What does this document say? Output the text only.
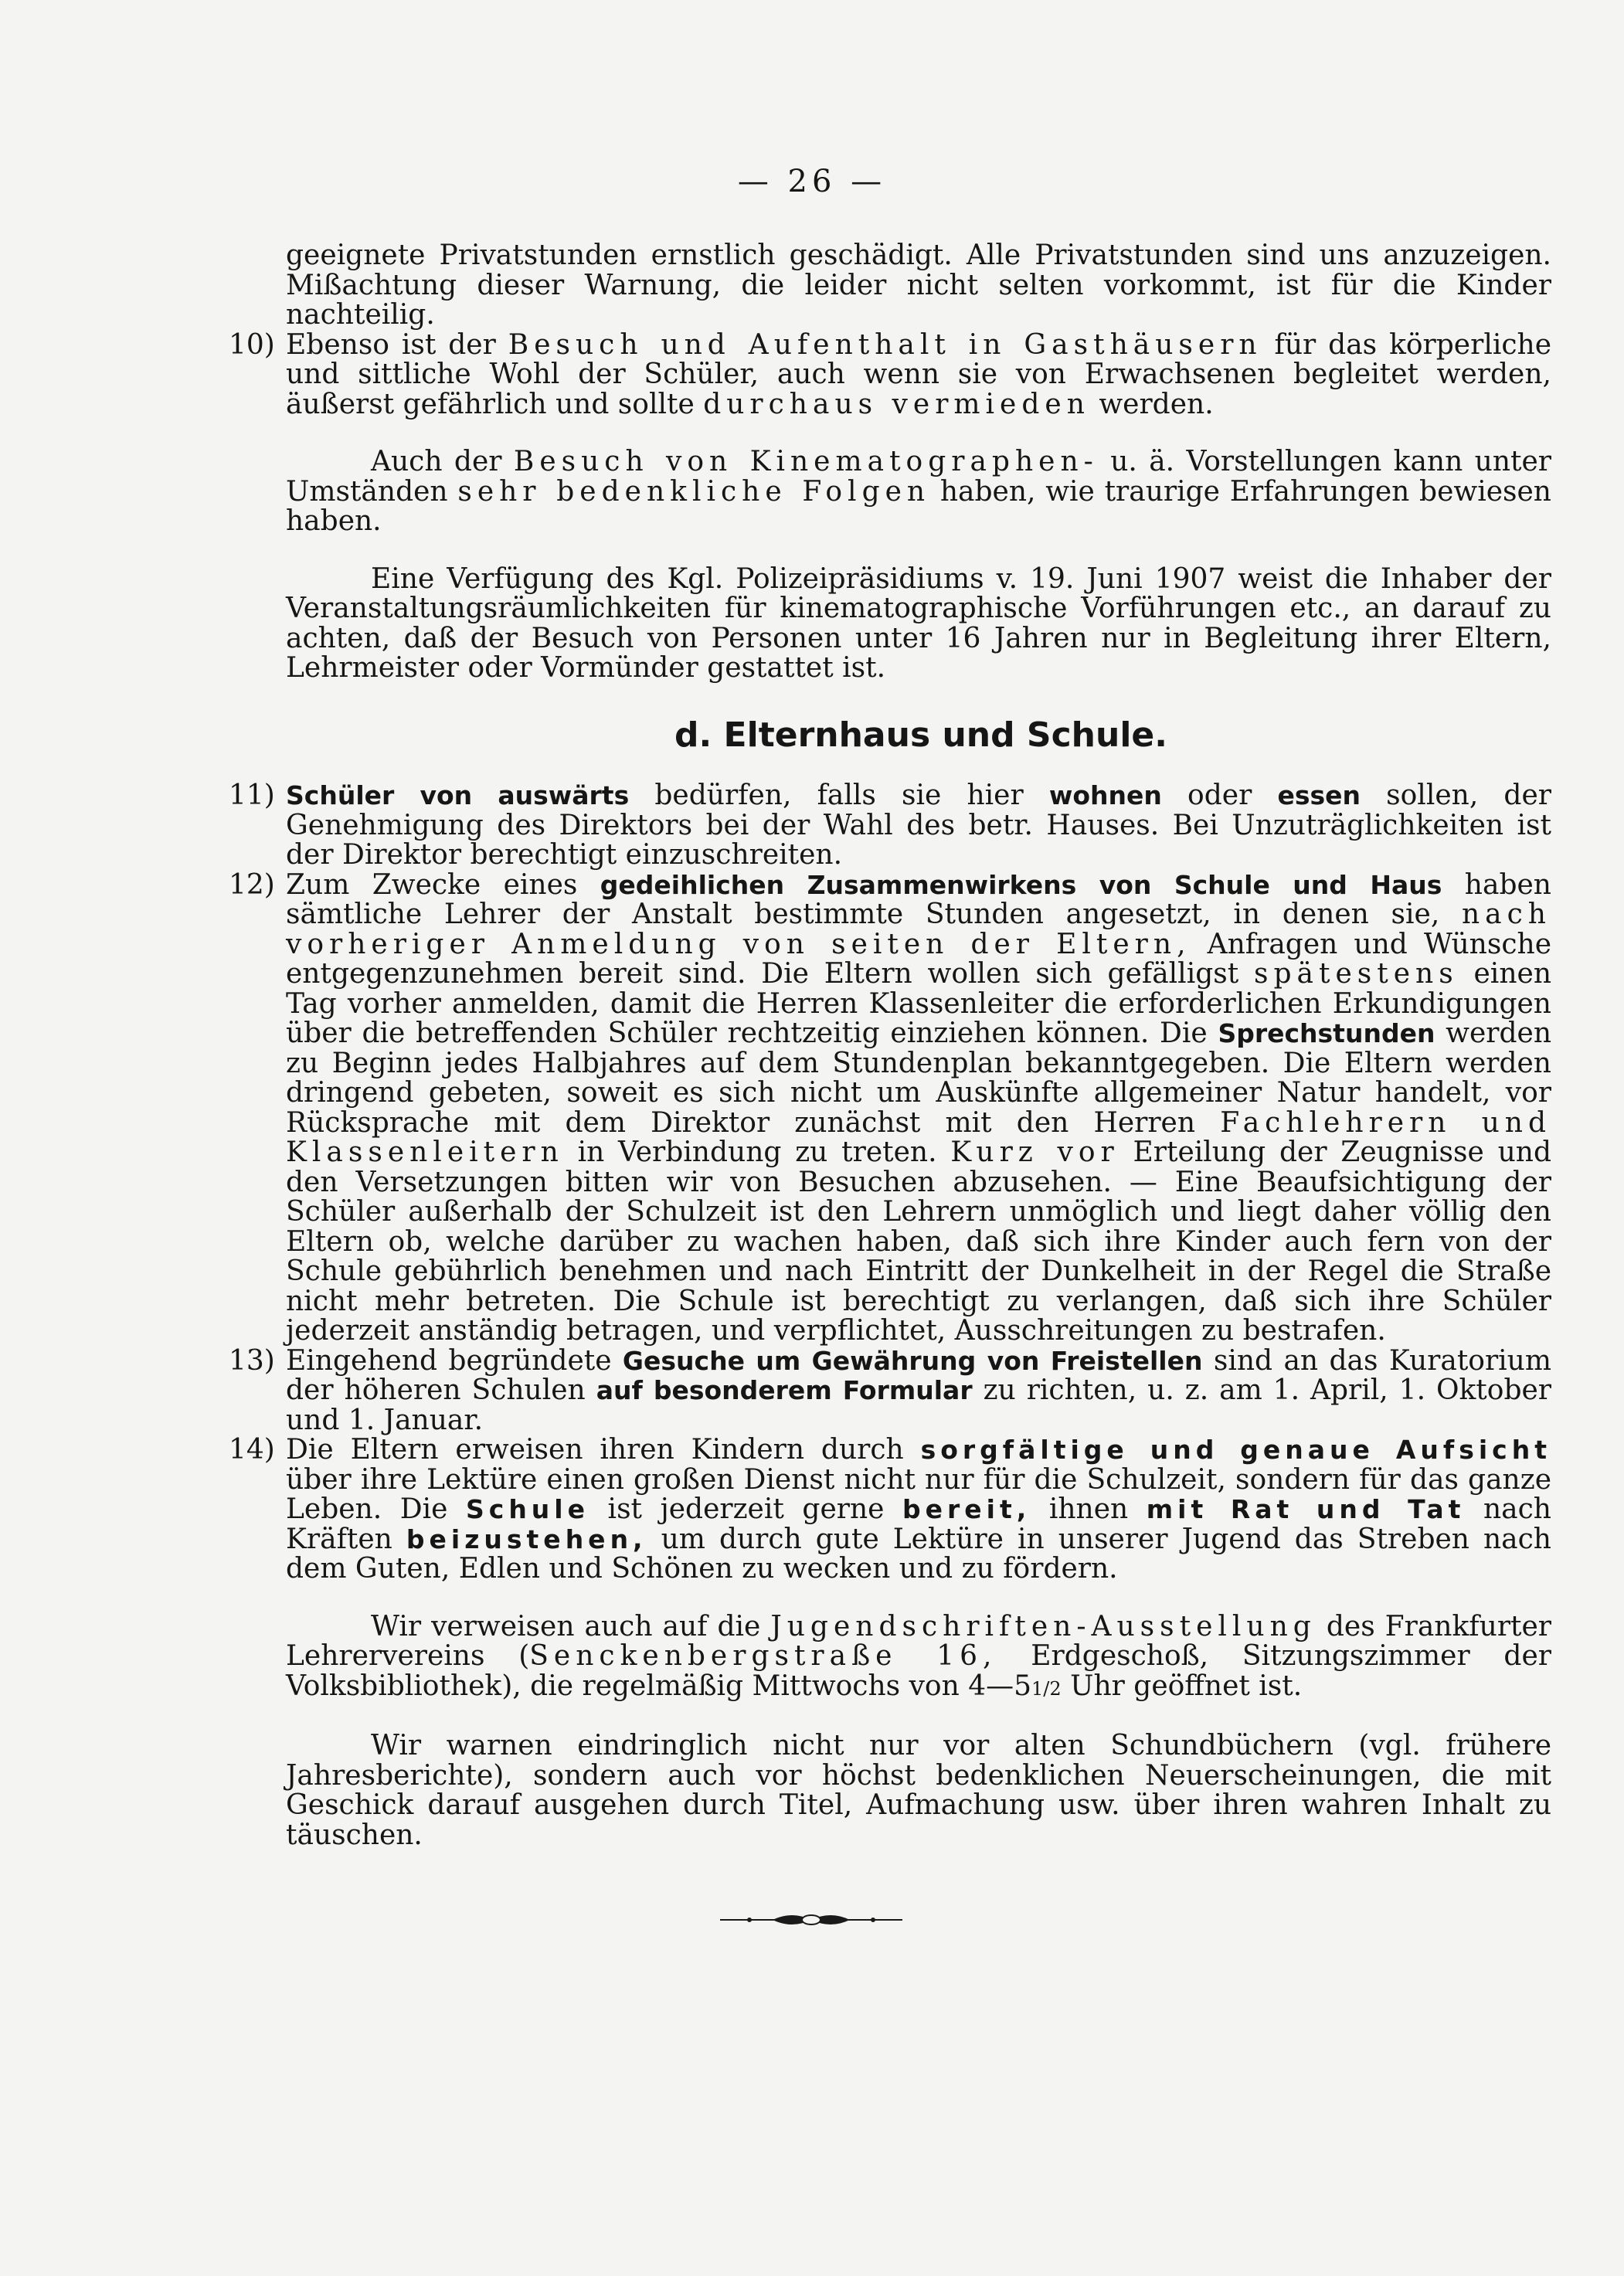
— 26 —

geeignete Privatstunden ernstlich geschädigt. Alle Privatstunden sind uns anzuzeigen. Mißachtung dieser Warnung, die leider nicht selten vorkommt, ist für die Kinder nachteilig.

10) Ebenso ist der Besuch und Aufenthalt in Gasthäusern für das körperliche und sittliche Wohl der Schüler, auch wenn sie von Erwachsenen begleitet werden, äußerst gefährlich und sollte durchaus vermieden werden.

Auch der Besuch von Kinematographen- u. ä. Vorstellungen kann unter Umständen sehr bedenkliche Folgen haben, wie traurige Erfahrungen bewiesen haben.

Eine Verfügung des Kgl. Polizeipräsidiums v. 19. Juni 1907 weist die Inhaber der Veranstaltungsräumlichkeiten für kinematographische Vorführungen etc., an darauf zu achten, daß der Besuch von Personen unter 16 Jahren nur in Begleitung ihrer Eltern, Lehrmeister oder Vormünder gestattet ist.

d. Elternhaus und Schule.

11) Schüler von auswärts bedürfen, falls sie hier wohnen oder essen sollen, der Genehmigung des Direktors bei der Wahl des betr. Hauses. Bei Unzuträglichkeiten ist der Direktor berechtigt einzuschreiten.

12) Zum Zwecke eines gedeihlichen Zusammenwirkens von Schule und Haus haben sämtliche Lehrer der Anstalt bestimmte Stunden angesetzt, in denen sie, nach vorheriger Anmeldung von seiten der Eltern, Anfragen und Wünsche entgegenzunehmen bereit sind. Die Eltern wollen sich gefälligst spätestens einen Tag vorher anmelden, damit die Herren Klassenleiter die erforderlichen Erkundigungen über die betreffenden Schüler rechtzeitig einziehen können. Die Sprechstunden werden zu Beginn jedes Halbjahres auf dem Stundenplan bekanntgegeben. Die Eltern werden dringend gebeten, soweit es sich nicht um Auskünfte allgemeiner Natur handelt, vor Rücksprache mit dem Direktor zunächst mit den Herren Fachlehrern und Klassenleitern in Verbindung zu treten. Kurz vor Erteilung der Zeugnisse und den Versetzungen bitten wir von Besuchen abzusehen. — Eine Beaufsichtigung der Schüler außerhalb der Schulzeit ist den Lehrern unmöglich und liegt daher völlig den Eltern ob, welche darüber zu wachen haben, daß sich ihre Kinder auch fern von der Schule gebührlich benehmen und nach Eintritt der Dunkelheit in der Regel die Straße nicht mehr betreten. Die Schule ist berechtigt zu verlangen, daß sich ihre Schüler jederzeit anständig betragen, und verpflichtet, Ausschreitungen zu bestrafen.

13) Eingehend begründete Gesuche um Gewährung von Freistellen sind an das Kuratorium der höheren Schulen auf besonderem Formular zu richten, u. z. am 1. April, 1. Oktober und 1. Januar.

14) Die Eltern erweisen ihren Kindern durch sorgfältige und genaue Aufsicht über ihre Lektüre einen großen Dienst nicht nur für die Schulzeit, sondern für das ganze Leben. Die Schule ist jederzeit gerne bereit, ihnen mit Rat und Tat nach Kräften beizustehen, um durch gute Lektüre in unserer Jugend das Streben nach dem Guten, Edlen und Schönen zu wecken und zu fördern.

Wir verweisen auch auf die Jugendschriften-Ausstellung des Frankfurter Lehrervereins (Senckenbergstraße 16, Erdgeschoß, Sitzungszimmer der Volksbibliothek), die regelmäßig Mittwochs von 4—51/2 Uhr geöffnet ist.

Wir warnen eindringlich nicht nur vor alten Schundbüchern (vgl. frühere Jahresberichte), sondern auch vor höchst bedenklichen Neuerscheinungen, die mit Geschick darauf ausgehen durch Titel, Aufmachung usw. über ihren wahren Inhalt zu täuschen.
